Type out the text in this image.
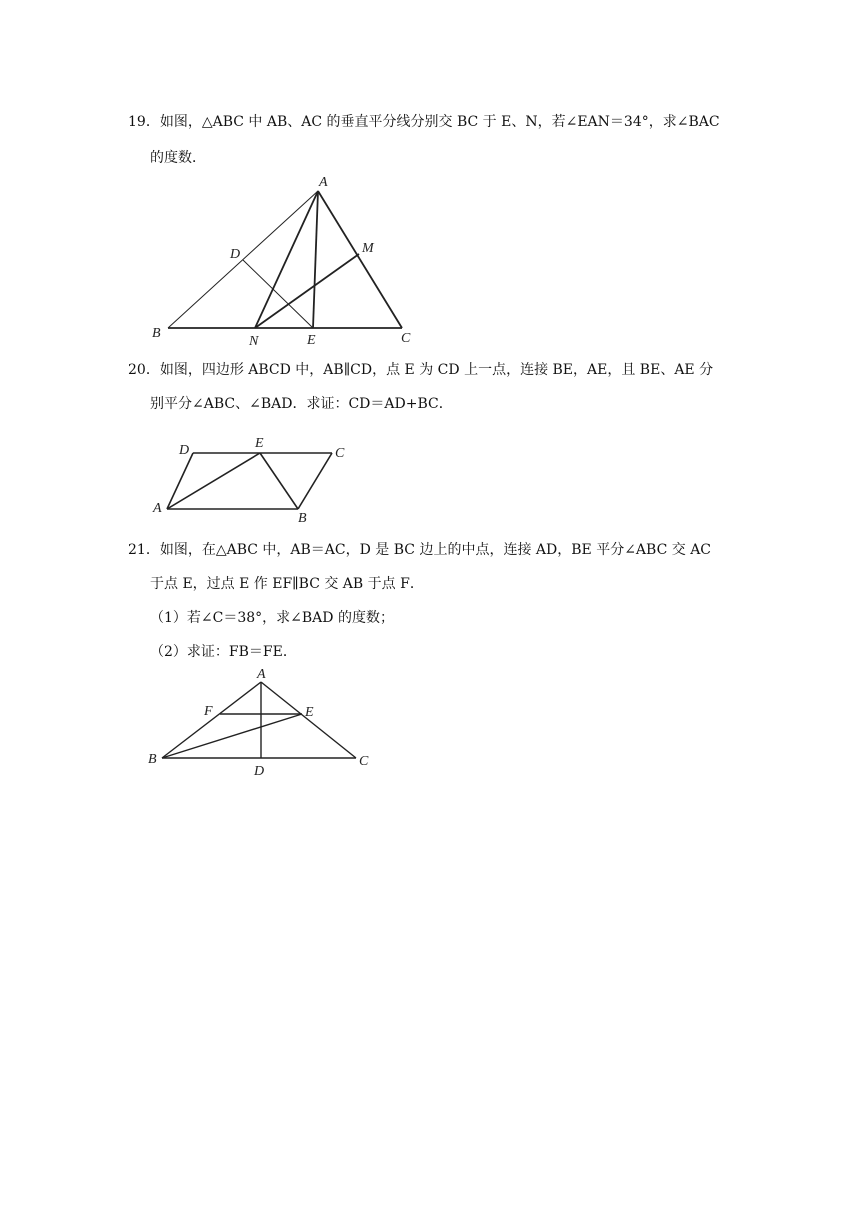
19．如图，△ABC 中 AB、AC 的垂直平分线分别交 BC 于 E、N，若∠EAN＝34°，求∠BAC
的度数．
A
B	C
D
E
M
N
20．如图，四边形 ABCD 中，AB∥CD，点 E 为 CD 上一点，连接 BE，AE，且 BE、AE 分
别平分∠ABC、∠BAD．求证：CD＝AD+BC．
D	E
C
A
B
21．如图，在△ABC 中，AB＝AC，D 是 BC 边上的中点，连接 AD，BE 平分∠ABC 交 AC
于点 E，过点 E 作 EF∥BC 交 AB 于点 F．
（1）若∠C＝38°，求∠BAD 的度数；
（2）求证：FB＝FE．
A
F	E
B
D
C
